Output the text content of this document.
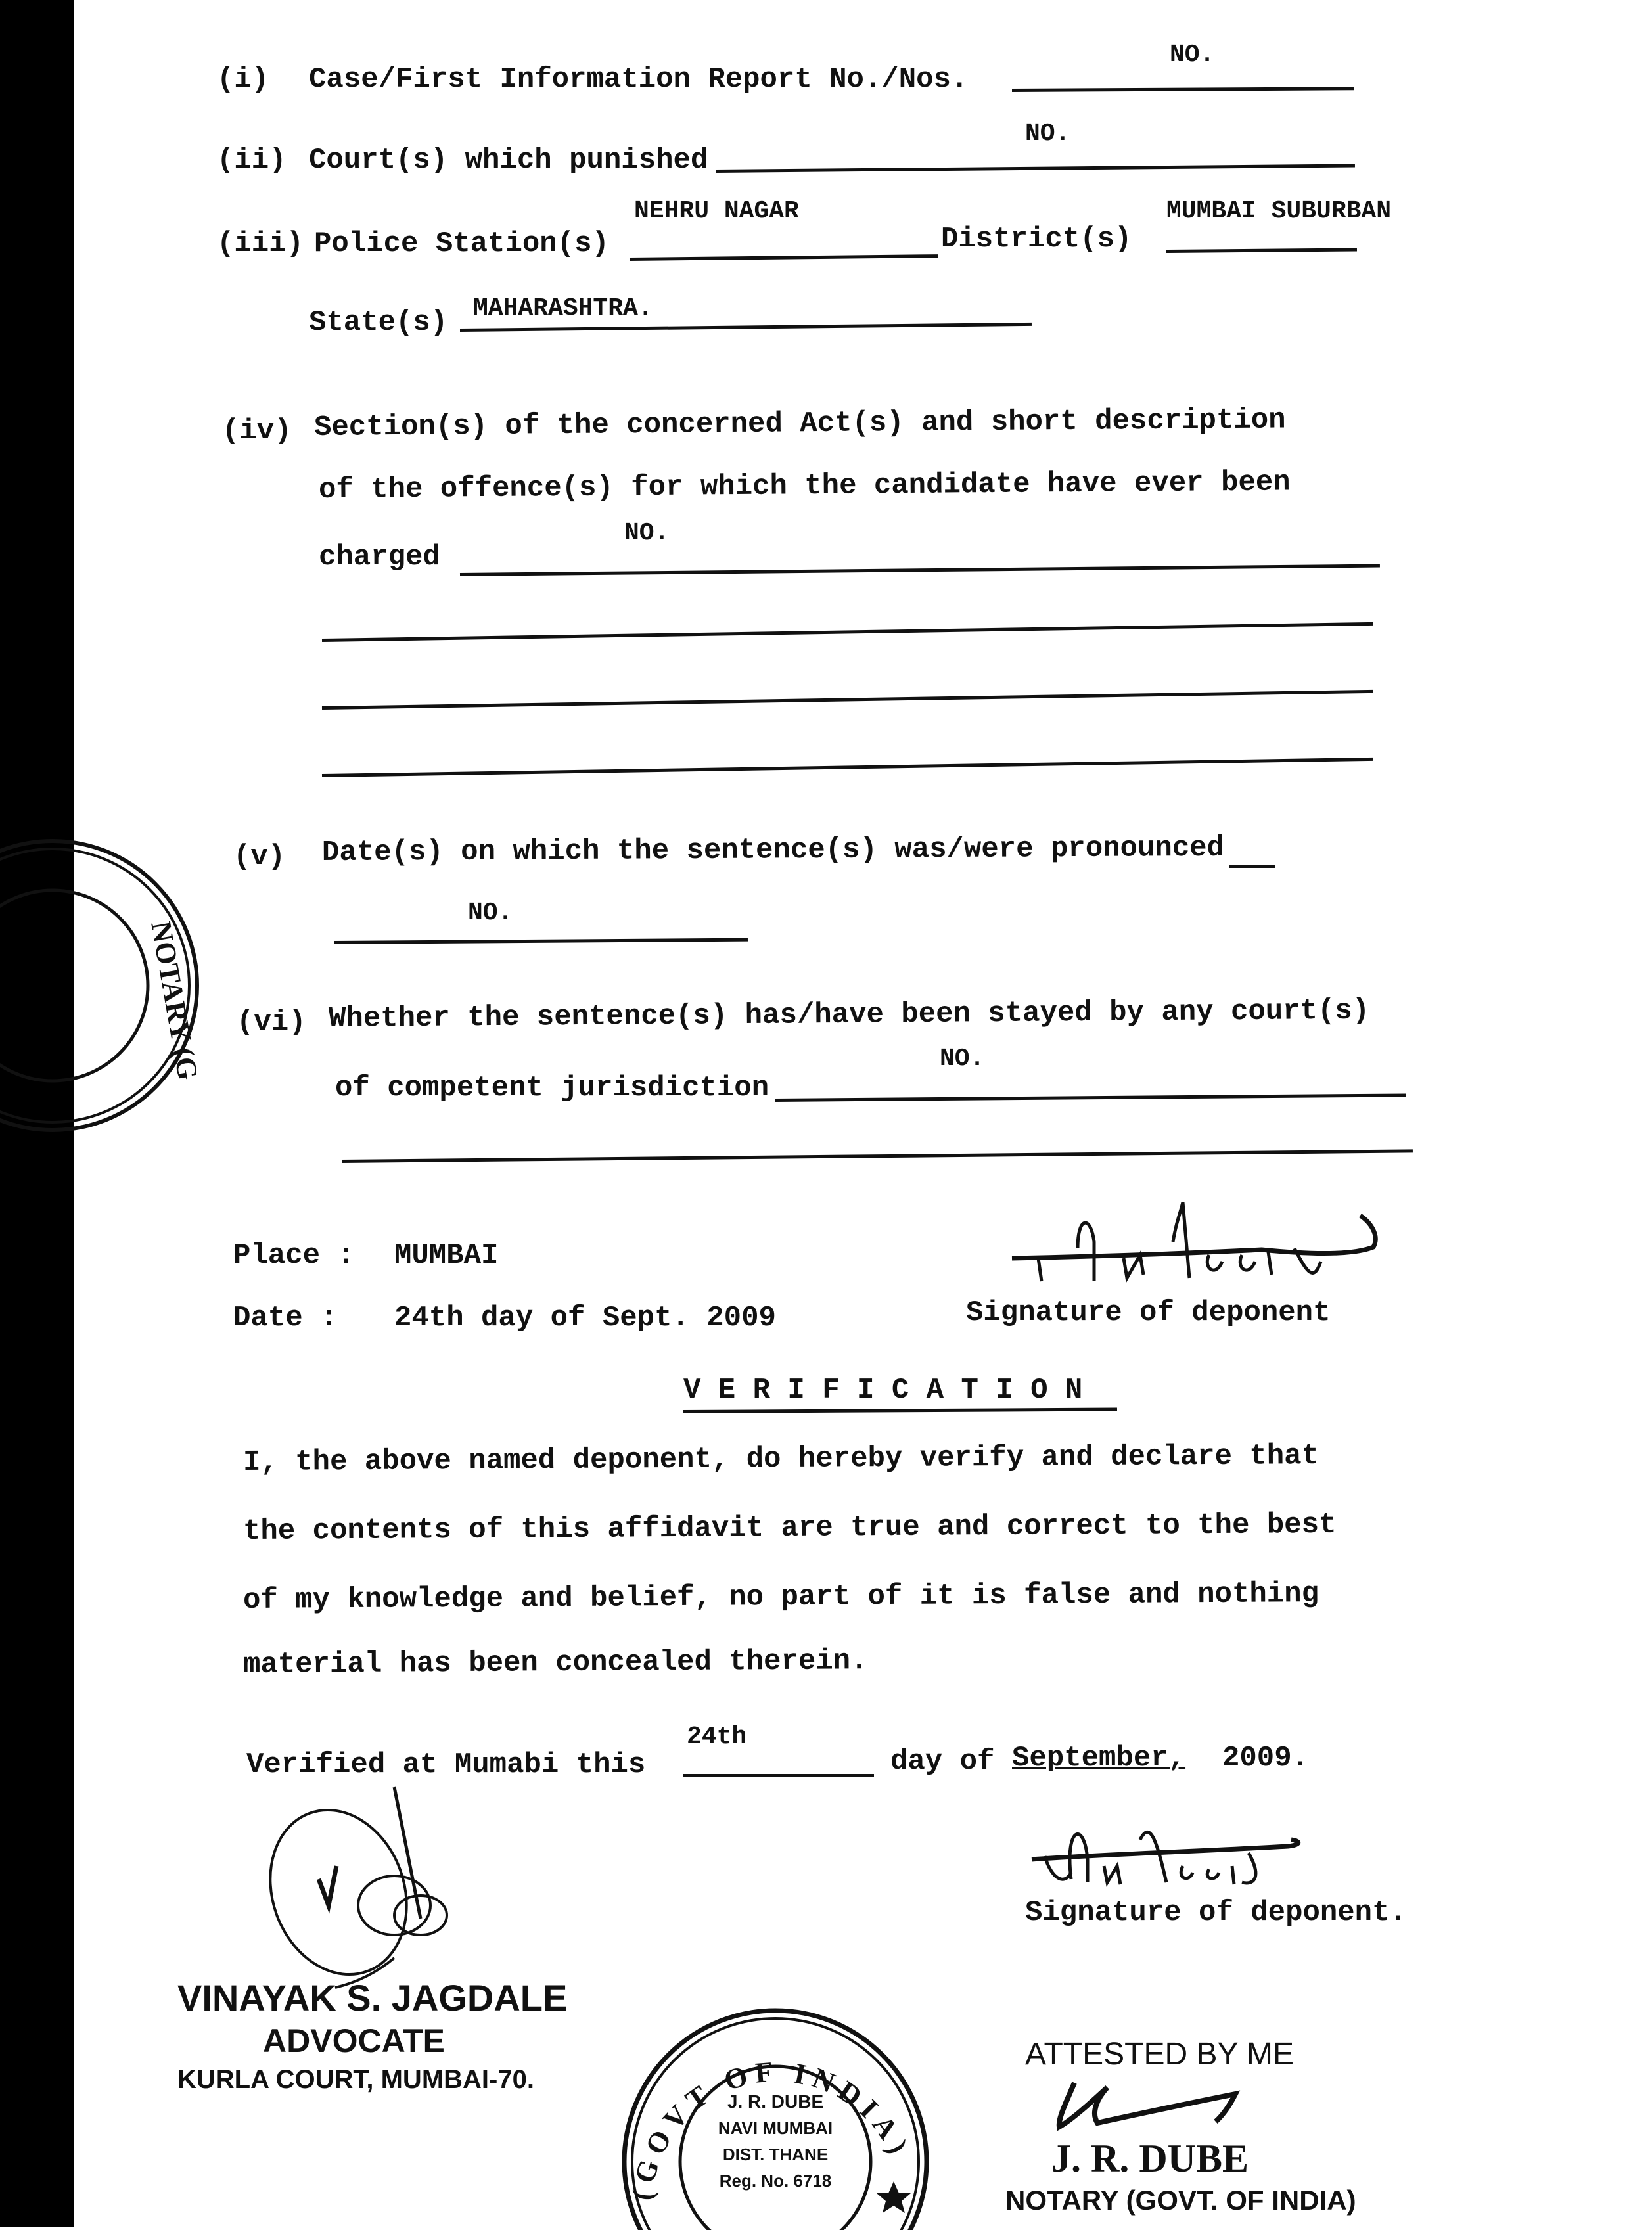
(i) Case/First Information Report No./Nos.
NO.
(ii) Court(s) which punished
NO.
(iii) Police Station(s)
NEHRU NAGAR
District(s)
MUMBAI SUBURBAN
State(s) MAHARASHTRA.
(iv) Section(s) of the concerned Act(s) and short description
of the offence(s) for which the candidate have ever been
charged
NO.
NOTARY (G
(v) Date(s) on which the sentence(s) was/were pronounced
NO.
(vi) Whether the sentence(s) has/have been stayed by any court(s)
of competent jurisdiction
NO.
Place : MUMBAI
Date : 24th day of Sept. 2009	Signature of deponent
V E R I F I C A T I O N
I, the above named deponent, do hereby verify and declare that
the contents of this affidavit are true and correct to the best
of my knowledge and belief, no part of it is false and nothing
material has been concealed therein.
Verified at Mumabi this
24th
day of September, 2009.
Signature of deponent.
VINAYAK S. JAGDALE
ADVOCATE
KURLA COURT, MUMBAI-70.
(GOVT OF INDIA)
J. R. DUBE
NAVI MUMBAI
DIST. THANE
Reg. No. 6718
ATTESTED BY ME
J. R. DUBE
NOTARY (GOVT. OF INDIA)
